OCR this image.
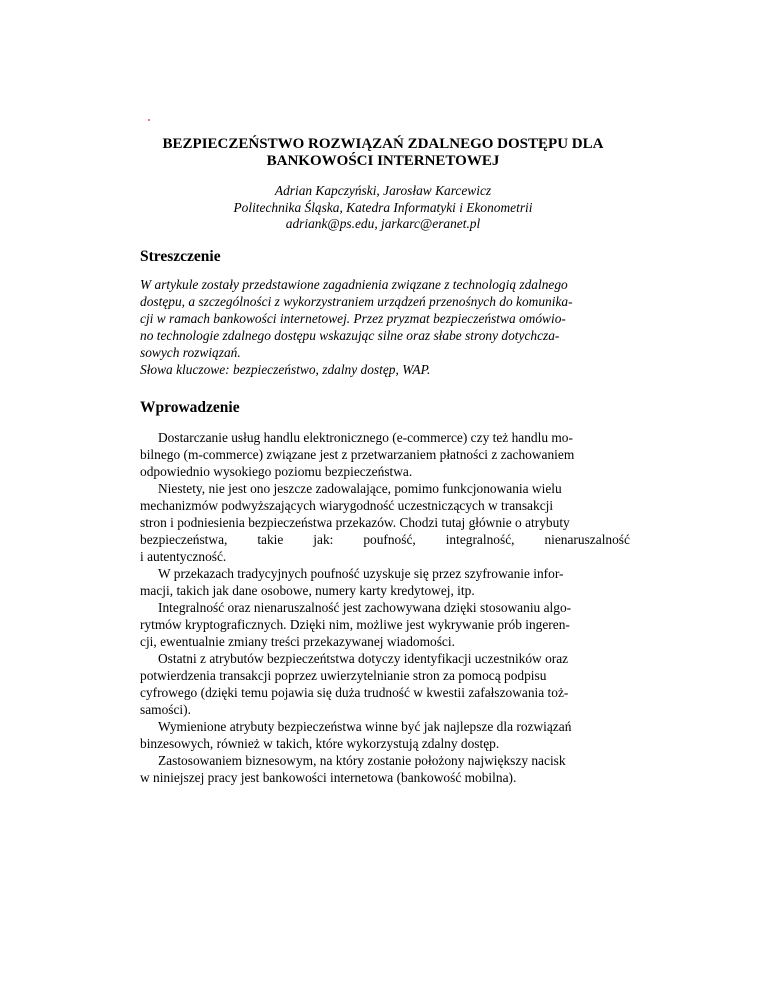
BEZPIECZEŃSTWO ROZWIĄZAŃ ZDALNEGO DOSTĘPU DLA
BANKOWOŚCI INTERNETOWEJ
Adrian Kapczyński, Jarosław Karcewicz
Politechnika Śląska, Katedra Informatyki i Ekonometrii
adriank@ps.edu, jarkarc@eranet.pl
Streszczenie
W artykule zostały przedstawione zagadnienia związane z technologią zdalnego
dostępu, a szczególności z wykorzystraniem urządzeń przenośnych do komunika-
cji w ramach bankowości internetowej. Przez pryzmat bezpieczeństwa omówio-
no technologie zdalnego dostępu wskazując silne oraz słabe strony dotychcza-
sowych rozwiązań.
Słowa kluczowe: bezpieczeństwo, zdalny dostęp, WAP.
Wprowadzenie
Dostarczanie usług handlu elektronicznego (e-commerce) czy też handlu mo-
bilnego (m-commerce) związane jest z przetwarzaniem płatności z zachowaniem
odpowiednio wysokiego poziomu bezpieczeństwa.
Niestety, nie jest ono jeszcze zadowalające, pomimo funkcjonowania wielu
mechanizmów podwyższających wiarygodność uczestniczących w transakcji
stron i podniesienia bezpieczeństwa przekazów. Chodzi tutaj głównie o atrybuty
bezpieczeństwa, takie jak: poufność, integralność, nienaruszalność
i autentyczność.
W przekazach tradycyjnych poufność uzyskuje się przez szyfrowanie infor-
macji, takich jak dane osobowe, numery karty kredytowej, itp.
Integralność oraz nienaruszalność jest zachowywana dzięki stosowaniu algo-
rytmów kryptograficznych. Dzięki nim, możliwe jest wykrywanie prób ingeren-
cji, ewentualnie zmiany treści przekazywanej wiadomości.
Ostatni z atrybutów bezpieczeńtstwa dotyczy identyfikacji uczestników oraz
potwierdzenia transakcji poprzez uwierzytelnianie stron za pomocą podpisu
cyfrowego (dzięki temu pojawia się duża trudność w kwestii zafałszowania toż-
samości).
Wymienione atrybuty bezpieczeństwa winne być jak najlepsze dla rozwiązań
binzesowych, również w takich, które wykorzystują zdalny dostęp.
Zastosowaniem biznesowym, na który zostanie położony największy nacisk
w niniejszej pracy jest bankowości internetowa (bankowość mobilna).
